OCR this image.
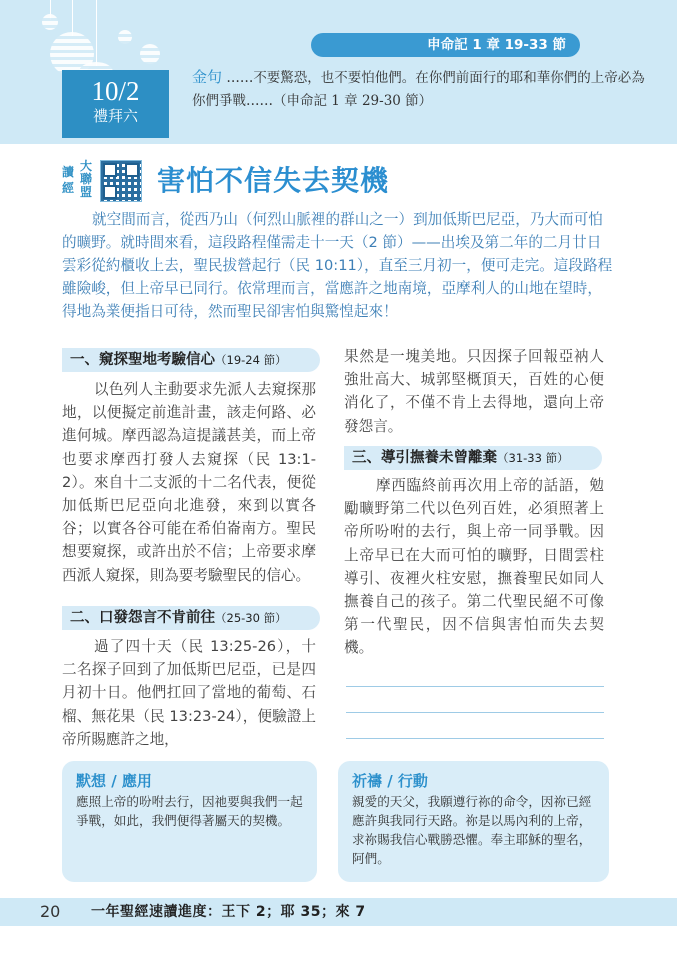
申命記 1 章 19-33 節
10/2
禮拜六
金句 ……不要驚恐，也不要怕他們。在你們前面行的耶和華你們的上帝必為你們爭戰……（申命記 1 章 29-30 節）
讀 大
聯
經 盟 害怕不信失去契機
就空間而言，從西乃山（何烈山脈裡的群山之一）到加低斯巴尼亞，乃大而可怕的曠野。就時間來看，這段路程僅需走十一天（2 節）——出埃及第二年的二月廿日雲彩從約櫃收上去，聖民拔營起行（民 10:11），直至三月初一，便可走完。這段路程雖險峻，但上帝早已同行。依常理而言，當應許之地南境，亞摩利人的山地在望時，得地為業便指日可待，然而聖民卻害怕與驚惶起來！
一、窺探聖地考驗信心（19-24 節）
以色列人主動要求先派人去窺探那地，以便擬定前進計畫，該走何路、必進何城。摩西認為這提議甚美，而上帝也要求摩西打發人去窺探（民 13:1-2）。來自十二支派的十二名代表，便從加低斯巴尼亞向北進發，來到以實各谷；以實各谷可能在希伯崙南方。聖民想要窺探，或許出於不信；上帝要求摩西派人窺探，則為要考驗聖民的信心。
二、口發怨言不肯前往（25-30 節）
過了四十天（民 13:25-26），十二名探子回到了加低斯巴尼亞，已是四月初十日。他們扛回了當地的葡萄、石榴、無花果（民 13:23-24），便驗證上帝所賜應許之地，
果然是一塊美地。只因探子回報亞衲人強壯高大、城郭堅概頂天，百姓的心便消化了，不僅不肯上去得地，還向上帝發怨言。
三、導引撫養未曾離棄（31-33 節）
摩西臨終前再次用上帝的話語，勉勵曠野第二代以色列百姓，必須照著上帝所吩咐的去行，與上帝一同爭戰。因上帝早已在大而可怕的曠野，日間雲柱導引、夜裡火柱安慰，撫養聖民如同人撫養自己的孩子。第二代聖民絕不可像第一代聖民，因不信與害怕而失去契機。
默想 / 應用
應照上帝的吩咐去行，因祂要與我們一起爭戰，如此，我們便得著屬天的契機。
祈禱 / 行動
親愛的天父，我願遵行祢的命令，因祢已經應許與我同行天路。祢是以馬內利的上帝，求祢賜我信心戰勝恐懼。奉主耶穌的聖名，阿們。
20 一年聖經速讀進度：王下 2；耶 35；來 7
